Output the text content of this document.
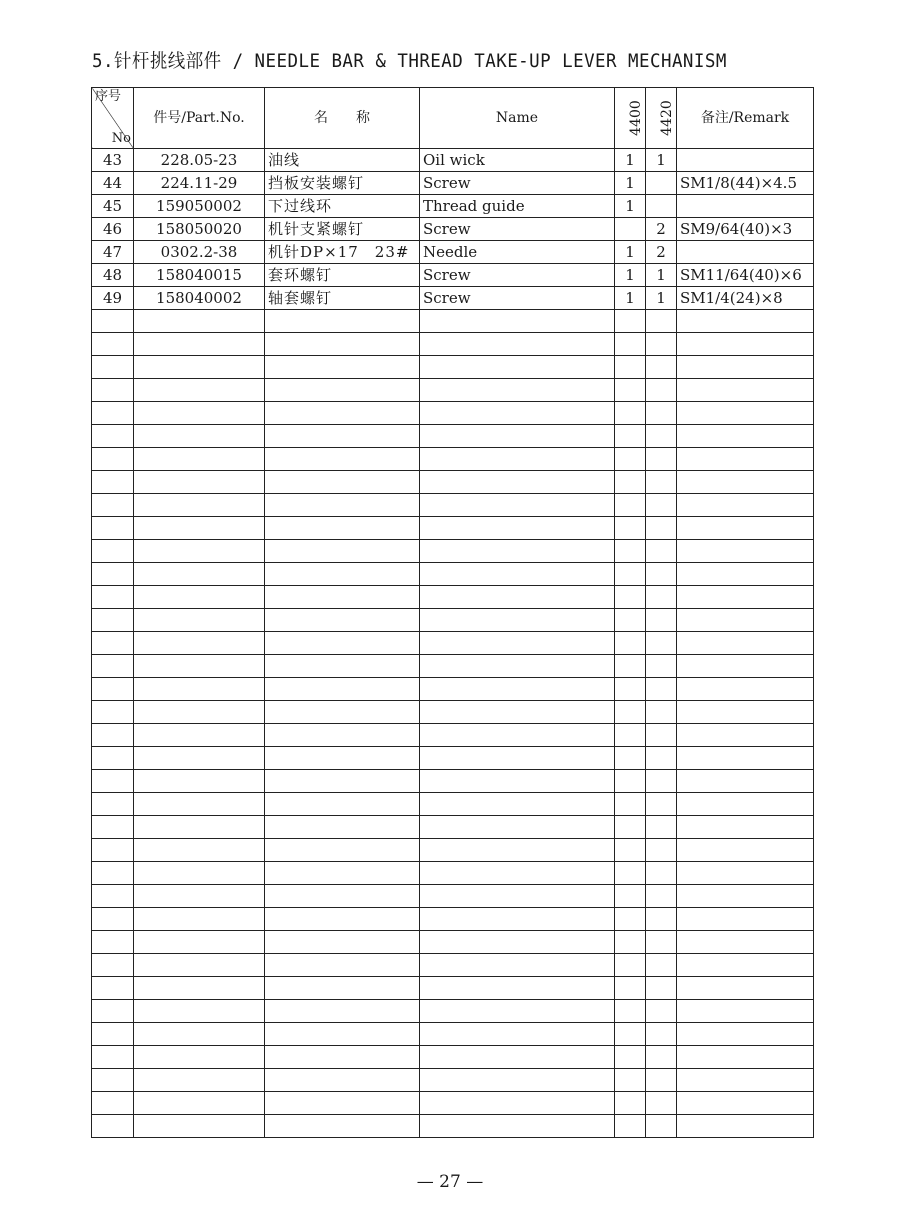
5.针杆挑线部件 / NEEDLE BAR & THREAD TAKE-UP LEVER MECHANISM
序号
No	件号/Part.No.	名　　称	Name	4400	4420	备注/Remark
43	228.05-23	油线	Oil wick	1	1	
44	224.11-29	挡板安装螺钉	Screw	1		SM1/8(44)×4.5
45	159050002	下过线环	Thread guide	1		
46	158050020	机针支紧螺钉	Screw		2	SM9/64(40)×3
47	0302.2-38	机针DP×17　23#	Needle	1	2	
48	158040015	套环螺钉	Screw	1	1	SM11/64(40)×6
49	158040002	轴套螺钉	Screw	1	1	SM1/4(24)×8

— 27 —
